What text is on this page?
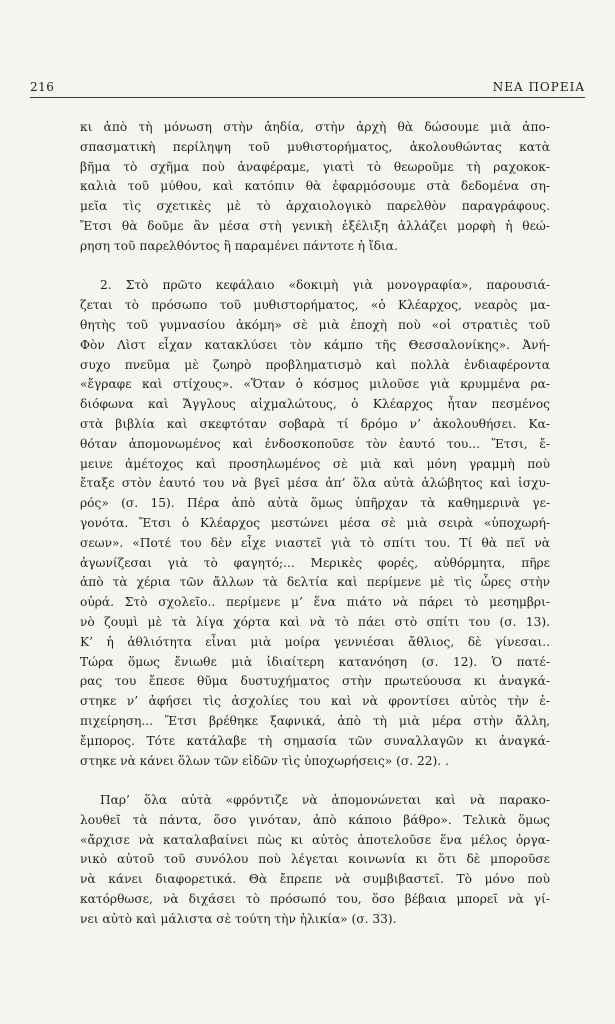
216	ΝΕΑ ΠΟΡΕΙΑ
κι ἀπὸ τὴ μόνωση στὴν ἀηδία, στὴν ἀρχὴ θὰ δώσουμε μιὰ ἀπο-
σπασματικὴ περίληψη τοῦ μυθιστορήματος, ἀκολουθώντας κατὰ
βῆμα τὸ σχῆμα ποὺ ἀναφέραμε, γιατὶ τὸ θεωροῦμε τὴ ραχοκοκ-
καλιὰ τοῦ μύθου, καὶ κατόπιν θὰ ἐφαρμόσουμε στὰ δεδομένα ση-
μεῖα τὶς σχετικὲς μὲ τὸ ἀρχαιολογικὸ παρελθὸν παραγράφους.
Ἔτσι θὰ δοῦμε ἂν μέσα στὴ γενικὴ ἐξέλιξη ἀλλάζει μορφὴ ἡ θεώ-
ρηση τοῦ παρελθόντος ἢ παραμένει πάντοτε ἡ ἴδια.
2. Στὸ πρῶτο κεφάλαιο «δοκιμὴ γιὰ μονογραφία», παρουσιά-
ζεται τὸ πρόσωπο τοῦ μυθιστορήματος, «ὁ Κλέαρχος, νεαρὸς μα-
θητὴς τοῦ γυμνασίου ἀκόμη» σὲ μιὰ ἐποχὴ ποὺ «οἱ στρατιὲς τοῦ
Φὸν Λὶστ εἶχαν κατακλύσει τὸν κάμπο τῆς Θεσσαλονίκης». Ἀνή-
συχο πνεῦμα μὲ ζωηρὸ προβληματισμὸ καὶ πολλὰ ἐνδιαφέροντα
«ἔγραφε καὶ στίχους». «Ὅταν ὁ κόσμος μιλοῦσε γιὰ κρυμμένα ρα-
διόφωνα καὶ Ἄγγλους αἰχμαλώτους, ὁ Κλέαρχος ἦταν πεσμένος
στὰ βιβλία καὶ σκεφτόταν σοβαρὰ τί δρόμο ν’ ἀκολουθήσει. Κα-
θόταν ἀπομονωμένος καὶ ἐνδοσκοποῦσε τὸν ἑαυτό του... Ἔτσι, ἔ-
μεινε ἀμέτοχος καὶ προσηλωμένος σὲ μιὰ καὶ μόνη γραμμὴ ποὺ
ἔταξε στὸν ἑαυτό του νὰ βγεῖ μέσα ἀπ’ ὅλα αὐτὰ ἀλώβητος καὶ ἰσχυ-
ρός» (σ. 15). Πέρα ἀπὸ αὐτὰ ὅμως ὑπῆρχαν τὰ καθημερινὰ γε-
γονότα. Ἔτσι ὁ Κλέαρχος μεστώνει μέσα σὲ μιὰ σειρὰ «ὑποχωρή-
σεων». «Ποτέ του δὲν εἶχε νιαστεῖ γιὰ τὸ σπίτι του. Τί θὰ πεῖ νὰ
ἀγωνίζεσαι γιὰ τὸ φαγητό;... Μερικὲς φορές, αὐθόρμητα, πῆρε
ἀπὸ τὰ χέρια τῶν ἄλλων τὰ δελτία καὶ περίμενε μὲ τὶς ὧρες στὴν
οὐρά. Στὸ σχολεῖο.. περίμενε μ’ ἕνα πιάτο νὰ πάρει τὸ μεσημβρι-
νὸ ζουμὶ μὲ τὰ λίγα χόρτα καὶ νὰ τὸ πάει στὸ σπίτι του (σ. 13).
Κ’ ἡ ἀθλιότητα εἶναι μιὰ μοίρα γεννιέσαι ἄθλιος, δὲ γίνεσαι..
Τώρα ὅμως ἔνιωθε μιὰ ἰδιαίτερη κατανόηση (σ. 12). Ὁ πατέ-
ρας του ἔπεσε θῦμα δυστυχήματος στὴν πρωτεύουσα κι ἀναγκά-
στηκε ν’ ἀφήσει τὶς ἀσχολίες του καὶ νὰ φροντίσει αὐτὸς τὴν ἐ-
πιχείρηση... Ἔτσι βρέθηκε ξαφνικά, ἀπὸ τὴ μιὰ μέρα στὴν ἄλλη,
ἔμπορος. Τότε κατάλαβε τὴ σημασία τῶν συναλλαγῶν κι ἀναγκά-
στηκε νὰ κάνει ὅλων τῶν εἰδῶν τὶς ὑποχωρήσεις» (σ. 22). .
Παρ’ ὅλα αὐτὰ «φρόντιζε νὰ ἀπομονώνεται καὶ νὰ παρακο-
λουθεῖ τὰ πάντα, ὅσο γινόταν, ἀπὸ κάποιο βάθρο». Τελικὰ ὅμως
«ἄρχισε νὰ καταλαβαίνει πὼς κι αὐτὸς ἀποτελοῦσε ἕνα μέλος ὀργα-
νικὸ αὐτοῦ τοῦ συνόλου ποὺ λέγεται κοινωνία κι ὅτι δὲ μποροῦσε
νὰ κάνει διαφορετικά. Θὰ ἔπρεπε νὰ συμβιβαστεῖ. Τὸ μόνο ποὺ
κατόρθωσε, νὰ διχάσει τὸ πρόσωπό του, ὅσο βέβαια μπορεῖ νὰ γί-
νει αὐτὸ καὶ μάλιστα σὲ τούτη τὴν ἡλικία» (σ. 33).
